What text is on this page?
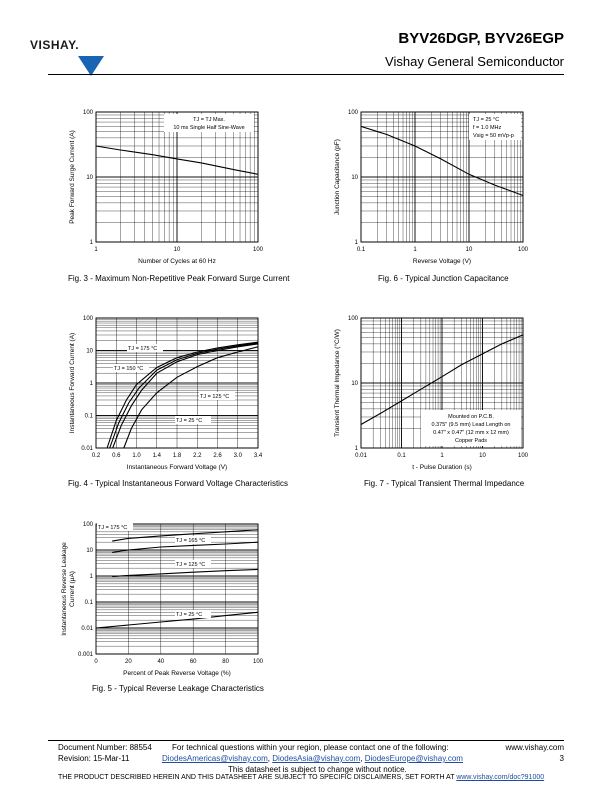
VISHAY.	BYV26DGP, BYV26EGP
Vishay General Semiconductor
1	10	100
1
10
100
Number of Cycles at 60 Hz
Peak Forward Surge Current (A)
TJ = TJ Max.
10 ms Single Half Sine-Wave
Fig. 3 - Maximum Non-Repetitive Peak Forward Surge Current
0.1	1	10	100
1
10
100
Reverse Voltage (V)
Junction Capacitance (pF)
TJ = 25 °C
f = 1.0 MHz
Vsig = 50 mVp-p
Fig. 6 - Typical Junction Capacitance
0.2 0.6 1.0 1.4 1.8 2.2 2.6 3.0 3.4
0.01
0.1
1
10
100
Instantaneous Forward Voltage (V)
Instantaneous Forward Current (A)	TJ = 175 °C
TJ = 150 °C
TJ = 125 °C
TJ = 25 °C
Fig. 4 - Typical Instantaneous Forward Voltage Characteristics
0.01	0.1	1	10	100
1
10
100
t - Pulse Duration (s)
Transient Thermal Impedance (°C/W)	Mounted on P.C.B.
0.375" (9.5 mm) Lead Length on
0.47" x 0.47" (12 mm x 12 mm)
Copper Pads
Fig. 7 - Typical Transient Thermal Impedance
0	20	40	60	80	100
0.001
0.01
0.1
1
10
100
Percent of Peak Reverse Voltage (%)
Instantaneous Reverse Leakage Current (μA)
TJ = 175 °C
TJ = 165 °C
TJ = 125 °C
TJ = 25 °C
Fig. 5 - Typical Reverse Leakage Characteristics
Document Number: 88554
Revision: 15-Mar-11
For technical questions within your region, please contact one of the following:
DiodesAmericas@vishay.com, DiodesAsia@vishay.com, DiodesEurope@vishay.com
www.vishay.com
3
This datasheet is subject to change without notice.
THE PRODUCT DESCRIBED HEREIN AND THIS DATASHEET ARE SUBJECT TO SPECIFIC DISCLAIMERS, SET FORTH AT www.vishay.com/doc?91000
